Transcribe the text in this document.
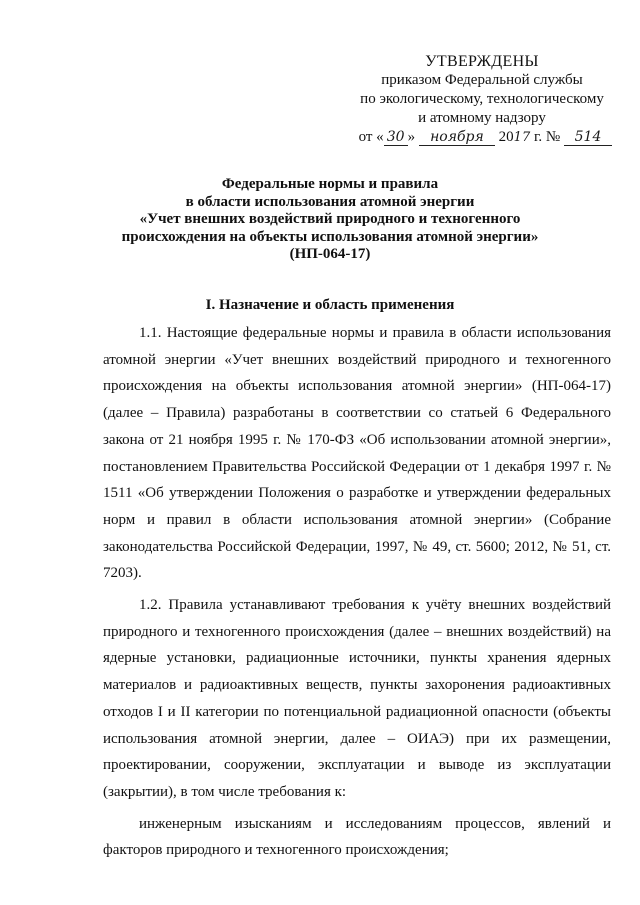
УТВЕРЖДЕНЫ
приказом Федеральной службы
по экологическому, технологическому
и атомному надзору
от « 30 » ноября 2017 г. № 514
Федеральные нормы и правила
в области использования атомной энергии
«Учет внешних воздействий природного и техногенного
происхождения на объекты использования атомной энергии»
(НП-064-17)
I. Назначение и область применения

1.1. Настоящие федеральные нормы и правила в области использования атомной энергии «Учет внешних воздействий природного и техногенного происхождения на объекты использования атомной энергии» (НП-064-17) (далее – Правила) разработаны в соответствии со статьей 6 Федерального закона от 21 ноября 1995 г. № 170-ФЗ «Об использовании атомной энергии», постановлением Правительства Российской Федерации от 1 декабря 1997 г. № 1511 «Об утверждении Положения о разработке и утверждении федеральных норм и правил в области использования атомной энергии» (Собрание законодательства Российской Федерации, 1997, № 49, ст. 5600; 2012, № 51, ст. 7203).

1.2. Правила устанавливают требования к учёту внешних воздействий природного и техногенного происхождения (далее – внешних воздействий) на ядерные установки, радиационные источники, пункты хранения ядерных материалов и радиоактивных веществ, пункты захоронения радиоактивных отходов I и II категории по потенциальной радиационной опасности (объекты использования атомной энергии, далее – ОИАЭ) при их размещении, проектировании, сооружении, эксплуатации и выводе из эксплуатации (закрытии), в том числе требования к:

инженерным изысканиям и исследованиям процессов, явлений и факторов природного и техногенного происхождения;
